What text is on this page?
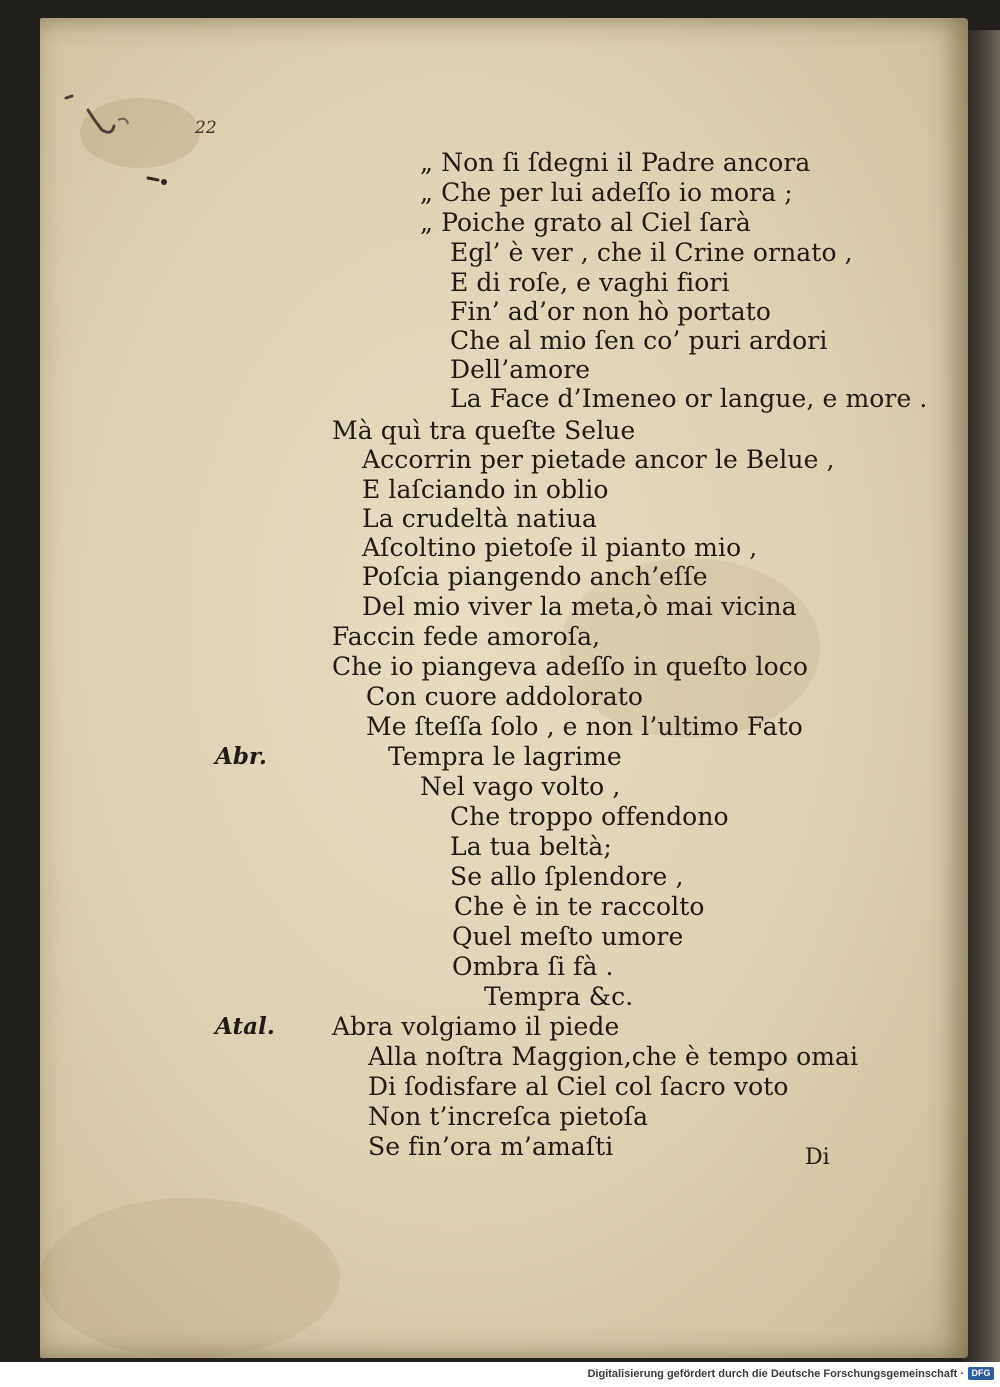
22
„ Non ſi ſdegni il Padre ancora
„ Che per lui adeſſo io mora ;
„ Poiche grato al Ciel ſarà
Egl’ è ver , che il Crine ornato ,
E di roſe, e vaghi fiori
Fin’ ad’or non hò portato
Che al mio ſen co’ puri ardori
Dell’amore
La Face d’Imeneo or langue, e more .
Mà quì tra queſte Selue
Accorrin per pietade ancor le Belue ,
E laſciando in oblio
La crudeltà natiua
Aſcoltino pietoſe il pianto mio ,
Poſcia piangendo anch’eſſe
Del mio viver la meta,ò mai vicina
Faccin fede amoroſa,
Che io piangeva adeſſo in queſto loco
Con cuore addolorato
Me ſteſſa ſolo , e non l’ultimo Fato
Abr.	Tempra le lagrime
Nel vago volto ,
Che troppo offendono
La tua beltà;
Se allo ſplendore ,
Che è in te raccolto
Quel meſto umore
Ombra ſi fà .
Tempra &c.
Atal. Abra volgiamo il piede
Alla noſtra Maggion,che è tempo omai
Di ſodisfare al Ciel col ſacro voto
Non t’increſca pietoſa
Se fin’ora m’amaſti	Di
Digitalisierung gefördert durch die Deutsche Forschungsgemeinschaft · DFG
